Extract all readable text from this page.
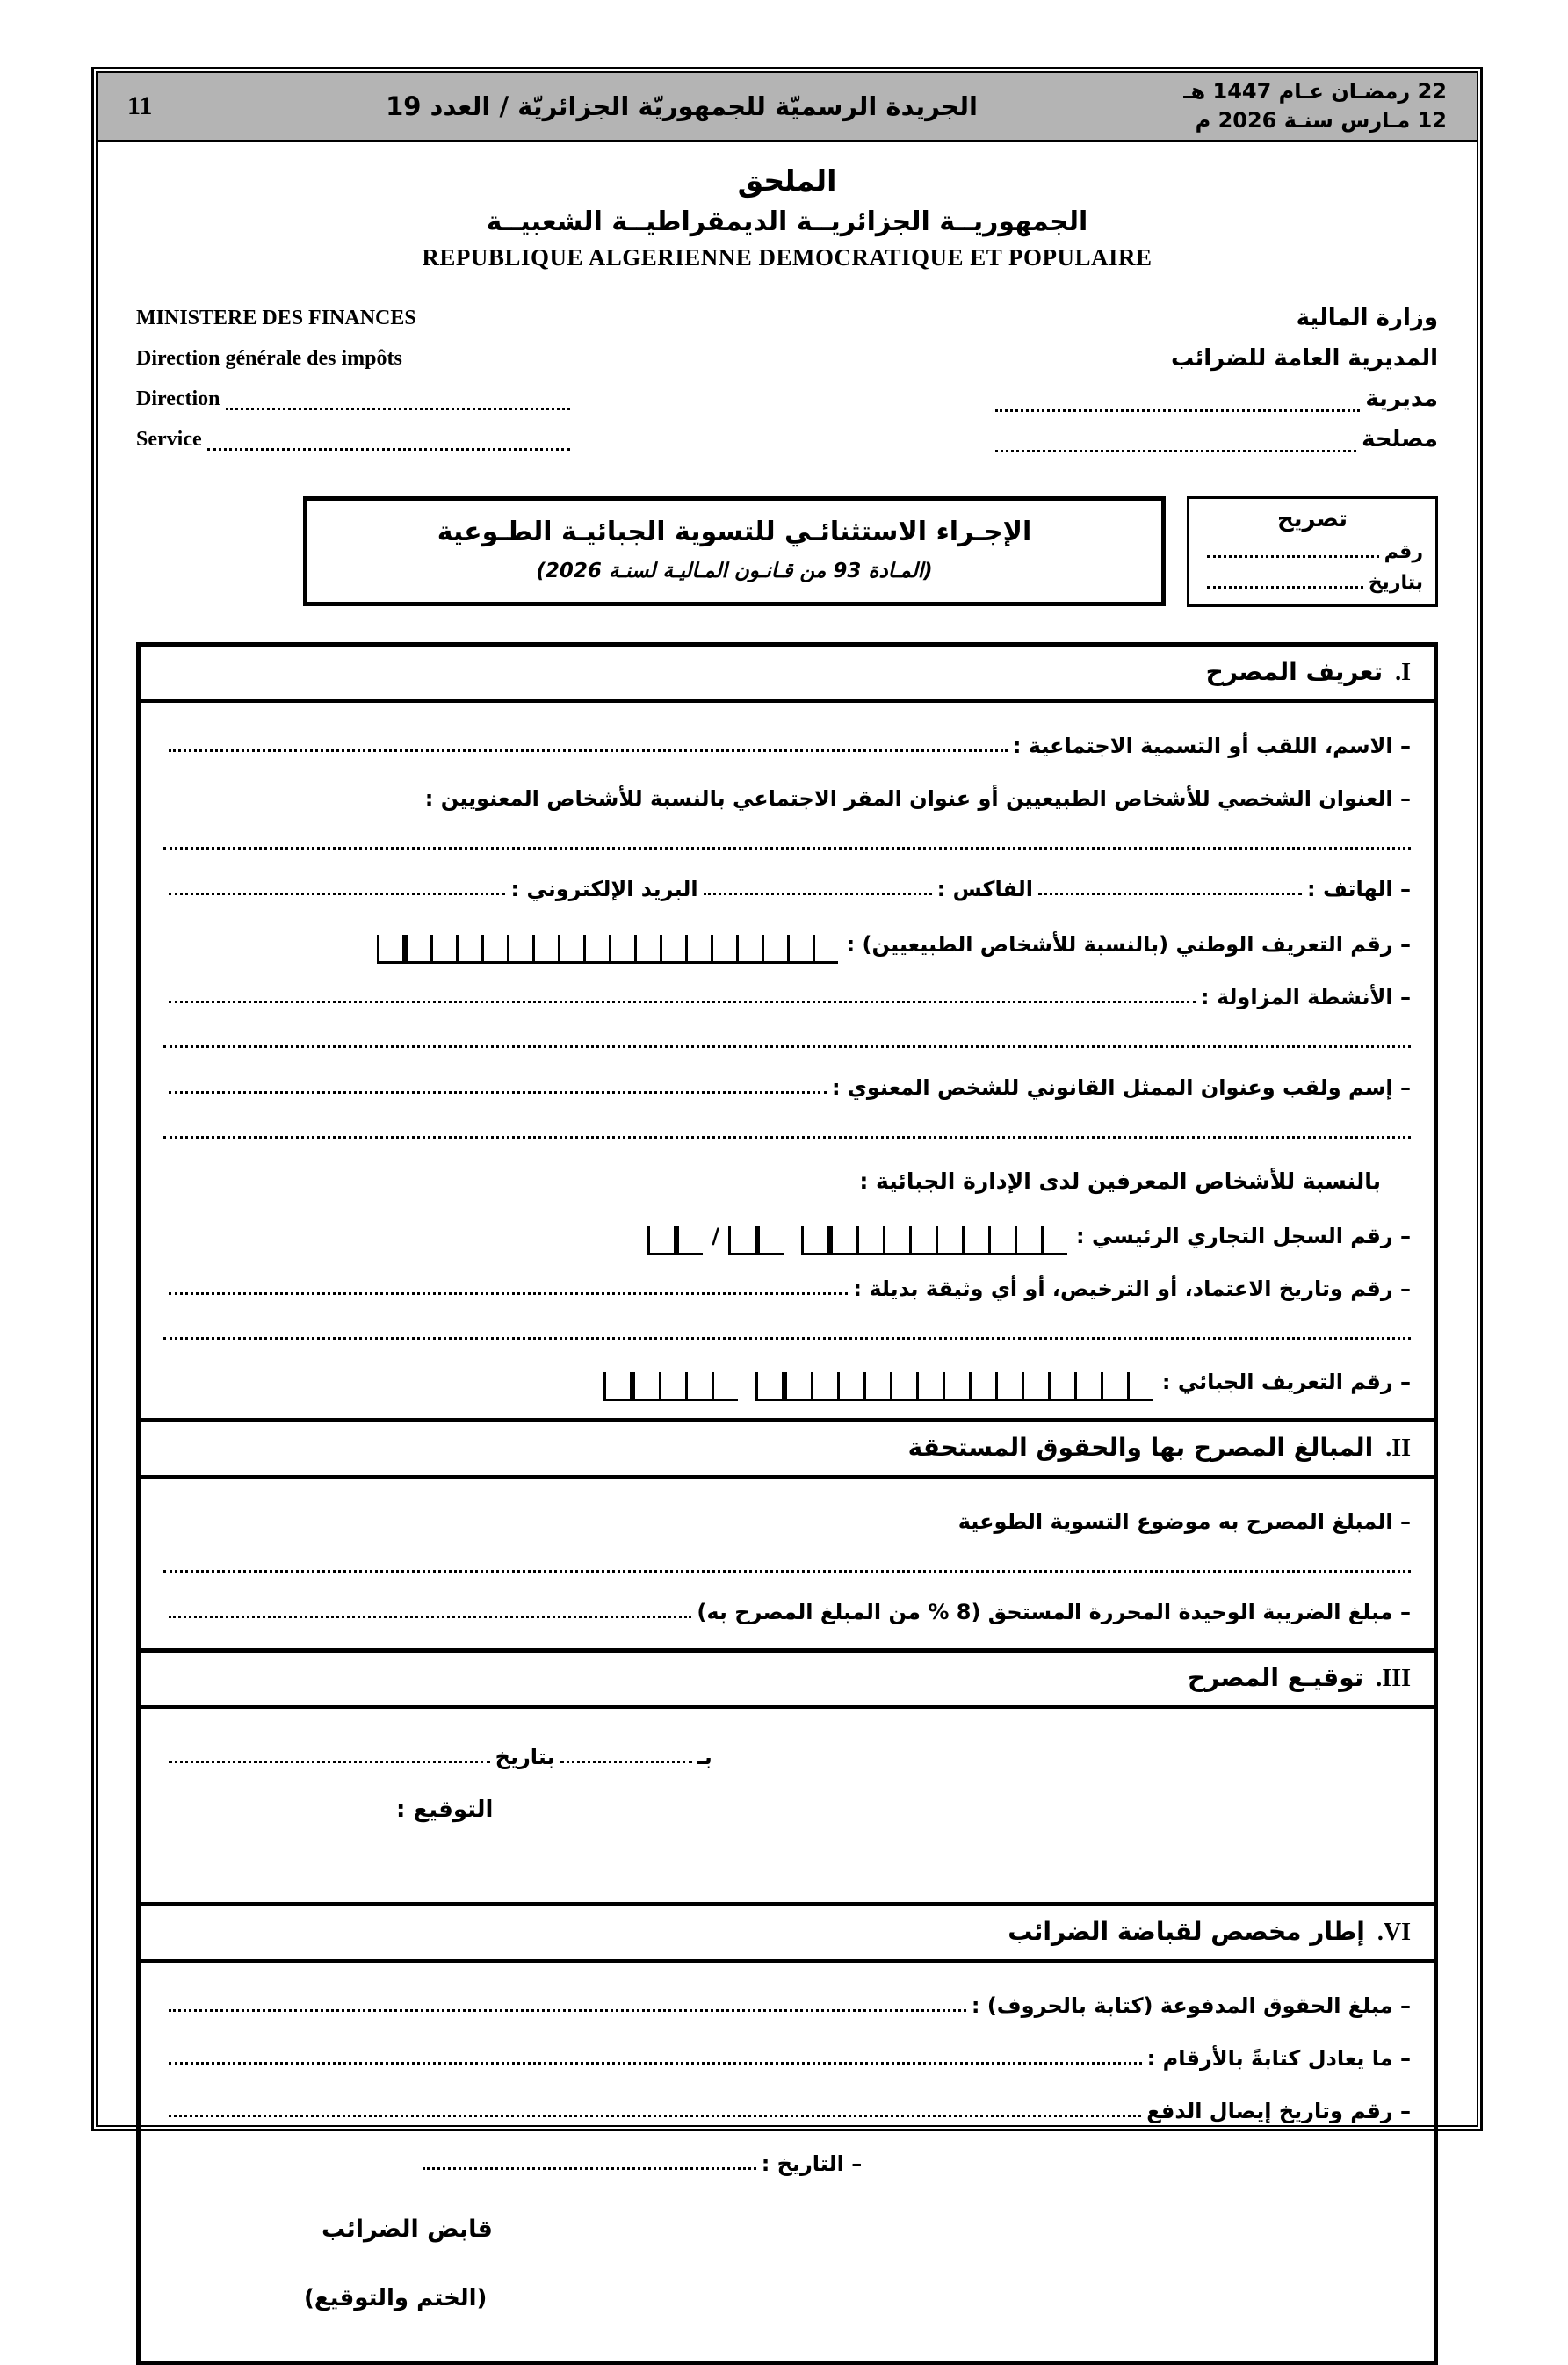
11	الجريدة الرسميّة للجمهوريّة الجزائريّة / العدد 19	22 رمضـان عـام 1447 هـ
12 مـارس سنـة 2026 م
الملحق
الجمهوريــة الجزائريــة الديمقراطيــة الشعبيــة
REPUBLIQUE ALGERIENNE DEMOCRATIQUE ET POPULAIRE
MINISTERE DES FINANCES
Direction générale des impôts
Direction
Service
وزارة المالية
المديرية العامة للضرائب
مديرية
مصلحة
الإجـراء الاستثنائـي للتسوية الجبائيـة الطـوعية
(المـادة 93 من قـانـون المـاليـة لسنـة 2026)
تصريح
رقم
بتاريخ
I.
تعريف المصرح
– الاسم، اللقب أو التسمية الاجتماعية :
– العنوان الشخصي للأشخاص الطبيعيين أو عنوان المقر الاجتماعي بالنسبة للأشخاص المعنويين :
– الهاتف :
الفاكس :
البريد الإلكتروني :
– رقم التعريف الوطني (بالنسبة للأشخاص الطبيعيين) :
– الأنشطة المزاولة :
– إسم ولقب وعنوان الممثل القانوني للشخص المعنوي :
بالنسبة للأشخاص المعرفين لدى الإدارة الجبائية :
– رقم السجل التجاري الرئيسي :
/
– رقم وتاريخ الاعتماد، أو الترخيص، أو أي وثيقة بديلة :
– رقم التعريف الجبائي :
II.
المبالغ المصرح بها والحقوق المستحقة
– المبلغ المصرح به موضوع التسوية الطوعية
– مبلغ الضريبة الوحيدة المحررة المستحق (8 % من المبلغ المصرح به)
III.
توقيـع المصرح
بـ
بتاريخ
التوقيع :
IV.
إطار مخصص لقباضة الضرائب
– مبلغ الحقوق المدفوعة (كتابة بالحروف) :
– ما يعادل كتابةً بالأرقام :
– رقم وتاريخ إيصال الدفع
– التاريخ :
قابض الضرائب
(الختم والتوقيع)
